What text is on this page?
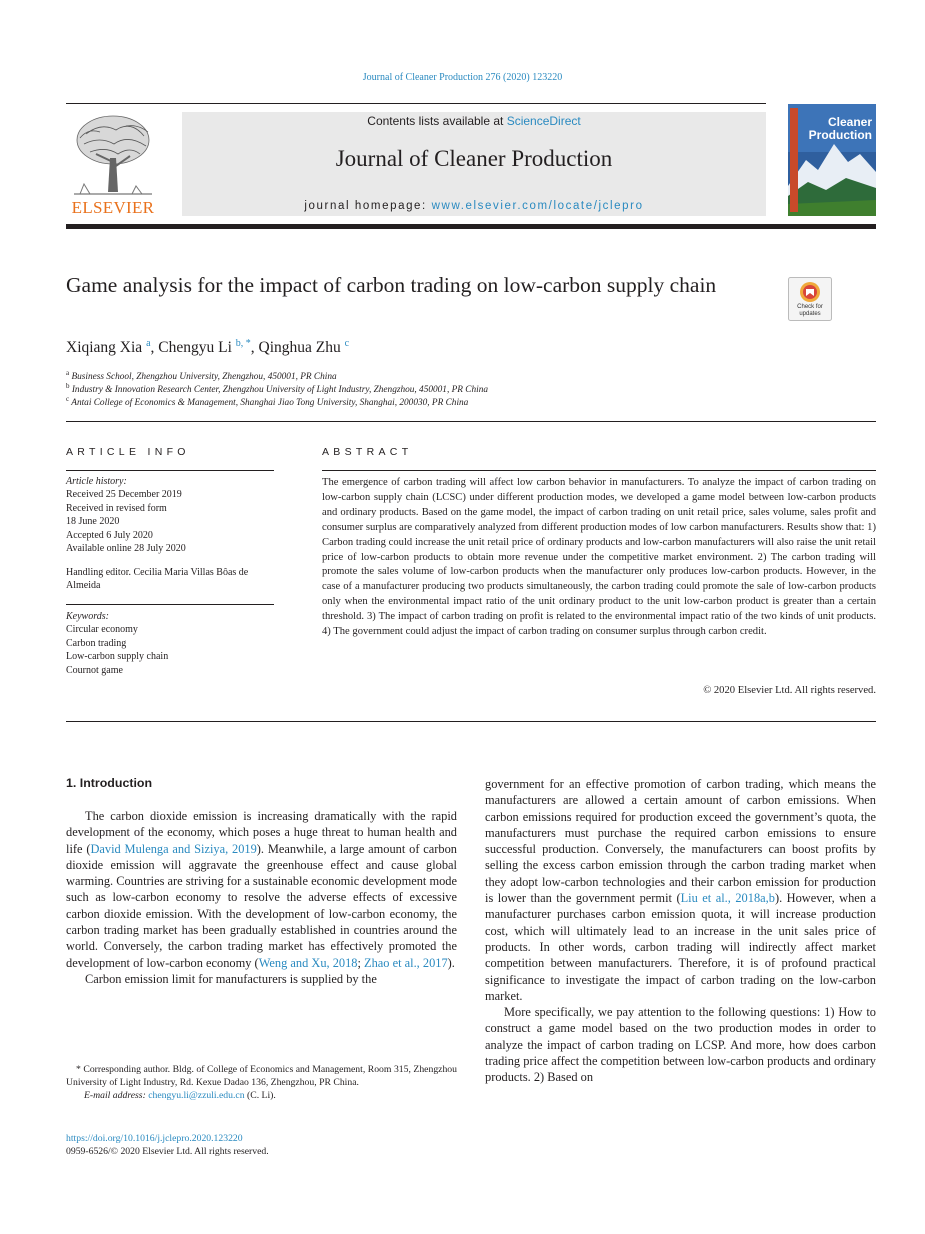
Journal of Cleaner Production 276 (2020) 123220
ELSEVIER
Contents lists available at ScienceDirect
Journal of Cleaner Production
journal homepage: www.elsevier.com/locate/jclepro
Cleaner
Production
Game analysis for the impact of carbon trading on low-carbon supply chain
Check for updates
Xiqiang Xia $^a$, Chengyu Li $^{b, *}$, Qinghua Zhu $^c$
$^a$ Business School, Zhengzhou University, Zhengzhou, 450001, PR China
$^b$ Industry & Innovation Research Center, Zhengzhou University of Light Industry, Zhengzhou, 450001, PR China
$^c$ Antai College of Economics & Management, Shanghai Jiao Tong University, Shanghai, 200030, PR China
ARTICLE INFO
Article history:
Received 25 December 2019
Received in revised form
18 June 2020
Accepted 6 July 2020
Available online 28 July 2020
Handling editor. Cecilia Maria Villas Bôas de
Almeida
Keywords:
Circular economy
Carbon trading
Low-carbon supply chain
Cournot game
ABSTRACT
The emergence of carbon trading will affect low carbon behavior in manufacturers. To analyze the impact of carbon trading on low-carbon supply chain (LCSC) under different production modes, we developed a game model between low-carbon products and ordinary products. Based on the game model, the impact of carbon trading on unit retail price, sales volume, sales profit and consumer surplus are comparatively analyzed from different production modes of low carbon manufacturers. Results show that: 1) Carbon trading could increase the unit retail price of ordinary products and low-carbon manufacturers will also raise the unit retail price of low-carbon products to obtain more revenue under the competitive market environment. 2) The carbon trading will promote the sales volume of low-carbon products when the manufacturer only produces low-carbon products. However, in the case of a manufacturer producing two products simultaneously, the carbon trading could promote the sale of low-carbon products only when the environmental impact ratio of the unit ordinary product to the unit low-carbon product is greater than a certain threshold. 3) The impact of carbon trading on profit is related to the environmental impact ratio of the two kinds of unit products. 4) The government could adjust the impact of carbon trading on consumer surplus through carbon credit.
© 2020 Elsevier Ltd. All rights reserved.
1. Introduction

The carbon dioxide emission is increasing dramatically with the rapid development of the economy, which poses a huge threat to human health and life (David Mulenga and Siziya, 2019). Meanwhile, a large amount of carbon dioxide emission will aggravate the greenhouse effect and cause global warming. Countries are striving for a sustainable economic development mode such as low-carbon economy to resolve the adverse effects of excessive carbon dioxide emission. With the development of low-carbon economy, the carbon trading market has been gradually established in countries around the world. Conversely, the carbon trading market has effectively promoted the development of low-carbon economy (Weng and Xu, 2018; Zhao et al., 2017).

Carbon emission limit for manufacturers is supplied by the

government for an effective promotion of carbon trading, which means the manufacturers are allowed a certain amount of carbon emissions. When carbon emissions required for production exceed the government’s quota, the manufacturers must purchase the required carbon emissions to ensure successful production. Conversely, the manufacturers can boost profits by selling the excess carbon emission through the carbon trading market when they adopt low-carbon technologies and their carbon emission for production is lower than the government permit (Liu et al., 2018a,b). However, when a manufacturer purchases carbon emission quota, it will increase production cost, which will ultimately lead to an increase in the unit sales price of products. In other words, carbon trading will indirectly affect market competition between manufacturers. Therefore, it is of profound practical significance to investigate the impact of carbon trading on the low-carbon market.

More specifically, we pay attention to the following questions: 1) How to construct a game model based on the two production modes in order to analyze the impact of carbon trading on LCSP. And more, how does carbon trading price affect the competition between low-carbon products and ordinary products. 2) Based on

* Corresponding author. Bldg. of College of Economics and Management, Room 315, Zhengzhou University of Light Industry, Rd. Kexue Dadao 136, Zhengzhou, PR China.
E-mail address: chengyu.li@zzuli.edu.cn (C. Li).
https://doi.org/10.1016/j.jclepro.2020.123220
0959-6526/© 2020 Elsevier Ltd. All rights reserved.
